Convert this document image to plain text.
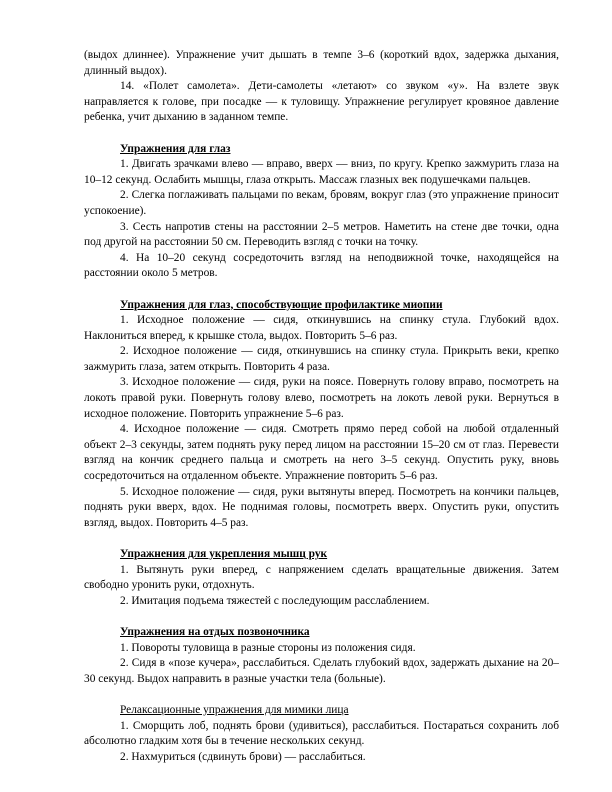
(выдох длиннее). Упражнение учит дышать в темпе 3–6 (короткий вдох, задержка дыхания, длинный выдох).

14. «Полет самолета». Дети-самолеты «летают» со звуком «у». На взлете звук направляется к голове, при посадке — к туловищу. Упражнение регулирует кровяное давление ребенка, учит дыханию в заданном темпе.

Упражнения для глаз

1. Двигать зрачками влево — вправо, вверх — вниз, по кругу. Крепко зажмурить глаза на 10–12 секунд. Ослабить мышцы, глаза открыть. Массаж глазных век подушечками пальцев.

2. Слегка поглаживать пальцами по векам, бровям, вокруг глаз (это упражнение приносит успокоение).

3. Сесть напротив стены на расстоянии 2–5 метров. Наметить на стене две точки, одна под другой на расстоянии 50 см. Переводить взгляд с точки на точку.

4. На 10–20 секунд сосредоточить взгляд на неподвижной точке, находящейся на расстоянии около 5 метров.

Упражнения для глаз, способствующие профилактике миопии

1. Исходное положение — сидя, откинувшись на спинку стула. Глубокий вдох. Наклониться вперед, к крышке стола, выдох. Повторить 5–6 раз.

2. Исходное положение — сидя, откинувшись на спинку стула. Прикрыть веки, крепко зажмурить глаза, затем открыть. Повторить 4 раза.

3. Исходное положение — сидя, руки на поясе. Повернуть голову вправо, посмотреть на локоть правой руки. Повернуть голову влево, посмотреть на локоть левой руки. Вернуться в исходное положение. Повторить упражнение 5–6 раз.

4. Исходное положение — сидя. Смотреть прямо перед собой на любой отдаленный объект 2–3 секунды, затем поднять руку перед лицом на расстоянии 15–20 см от глаз. Перевести взгляд на кончик среднего пальца и смотреть на него 3–5 секунд. Опустить руку, вновь сосредоточиться на отдаленном объекте. Упражнение повторить 5–6 раз.

5. Исходное положение — сидя, руки вытянуты вперед. Посмотреть на кончики пальцев, поднять руки вверх, вдох. Не поднимая головы, посмотреть вверх. Опустить руки, опустить взгляд, выдох. Повторить 4–5 раз.

Упражнения для укрепления мышц рук

1. Вытянуть руки вперед, с напряжением сделать вращательные движения. Затем свободно уронить руки, отдохнуть.

2. Имитация подъема тяжестей с последующим расслаблением.

Упражнения на отдых позвоночника

1. Повороты туловища в разные стороны из положения сидя.

2. Сидя в «позе кучера», расслабиться. Сделать глубокий вдох, задержать дыхание на 20–30 секунд. Выдох направить в разные участки тела (больные).

Релаксационные упражнения для мимики лица

1. Сморщить лоб, поднять брови (удивиться), расслабиться. Постараться сохранить лоб абсолютно гладким хотя бы в течение нескольких секунд.

2. Нахмуриться (сдвинуть брови) — расслабиться.
